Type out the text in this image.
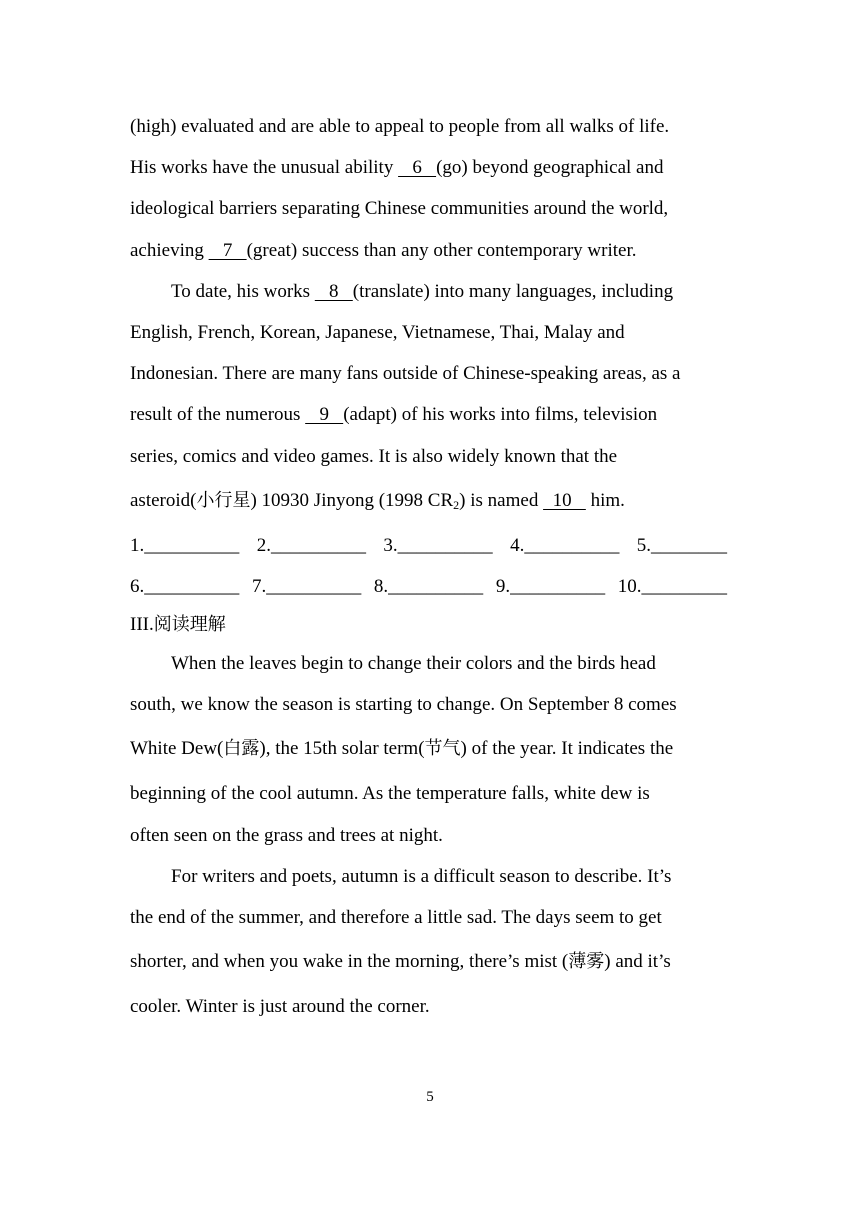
(high) evaluated and are able to appeal to people from all walks of life.
His works have the unusual ability    6   (go) beyond geographical and
ideological barriers separating Chinese communities around the world,
achieving    7   (great) success than any other contemporary writer.
To date, his works    8   (translate) into many languages, including
English, French, Korean, Japanese, Vietnamese, Thai, Malay and
Indonesian. There are many fans outside of Chinese-speaking areas, as a
result of the numerous    9   (adapt) of his works into films, television
series, comics and video games. It is also widely known that the
asteroid(小行星) 10930 Jinyong (1998 $CR_2$) is named   10    him.
1.__________ 2.__________ 3.__________ 4.__________ 5.________
6.__________ 7.__________ 8.__________ 9.__________ 10._________
III.阅读理解
When the leaves begin to change their colors and the birds head
south, we know the season is starting to change. On September 8 comes
White Dew(白露), the 15th solar term(节气) of the year. It indicates the
beginning of the cool autumn. As the temperature falls, white dew is
often seen on the grass and trees at night.
For writers and poets, autumn is a difficult season to describe. It’s
the end of the summer, and therefore a little sad. The days seem to get
shorter, and when you wake in the morning, there’s mist (薄雾) and it’s
cooler. Winter is just around the corner.
5
